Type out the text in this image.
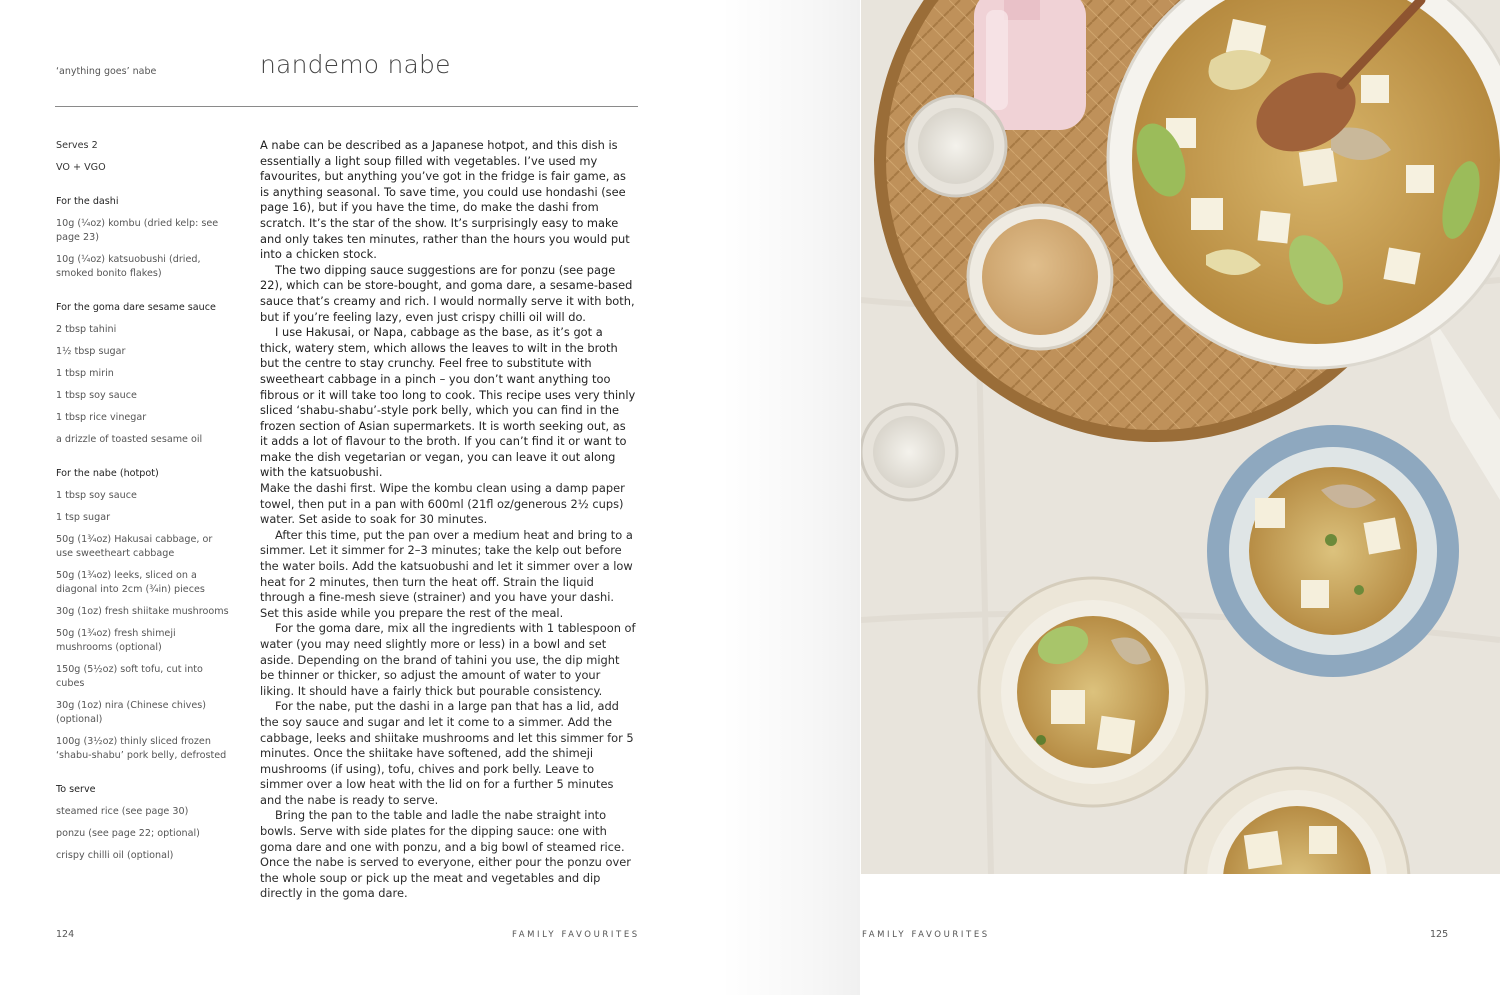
‘anything goes’ nabe	nandemo nabe
Serves 2
VO + VGO
For the dashi
10g (¼oz) kombu (dried kelp: see page 23)
10g (¼oz) katsuobushi (dried, smoked bonito flakes)
For the goma dare sesame sauce
2 tbsp tahini
1½ tbsp sugar
1 tbsp mirin
1 tbsp soy sauce
1 tbsp rice vinegar
a drizzle of toasted sesame oil
For the nabe (hotpot)
1 tbsp soy sauce
1 tsp sugar
50g (1¾oz) Hakusai cabbage, or use sweetheart cabbage
50g (1¾oz) leeks, sliced on a diagonal into 2cm (¾in) pieces
30g (1oz) fresh shiitake mushrooms
50g (1¾oz) fresh shimeji mushrooms (optional)
150g (5½oz) soft tofu, cut into cubes
30g (1oz) nira (Chinese chives) (optional)
100g (3½oz) thinly sliced frozen ‘shabu-shabu’ pork belly, defrosted
To serve
steamed rice (see page 30)
ponzu (see page 22; optional)
crispy chilli oil (optional)

A nabe can be described as a Japanese hotpot, and this dish is essentially a light soup filled with vegetables. I’ve used my favourites, but anything you’ve got in the fridge is fair game, as is anything seasonal. To save time, you could use hondashi (see page 16), but if you have the time, do make the dashi from scratch. It’s the star of the show. It’s surprisingly easy to make and only takes ten minutes, rather than the hours you would put into a chicken stock.

The two dipping sauce suggestions are for ponzu (see page 22), which can be store-bought, and goma dare, a sesame-based sauce that’s creamy and rich. I would normally serve it with both, but if you’re feeling lazy, even just crispy chilli oil will do.

I use Hakusai, or Napa, cabbage as the base, as it’s got a thick, watery stem, which allows the leaves to wilt in the broth but the centre to stay crunchy. Feel free to substitute with sweetheart cabbage in a pinch – you don’t want anything too fibrous or it will take too long to cook. This recipe uses very thinly sliced ‘shabu-shabu’-style pork belly, which you can find in the frozen section of Asian supermarkets. It is worth seeking out, as it adds a lot of flavour to the broth. If you can’t find it or want to make the dish vegetarian or vegan, you can leave it out along with the katsuobushi.

Make the dashi first. Wipe the kombu clean using a damp paper towel, then put in a pan with 600ml (21fl oz/generous 2½ cups) water. Set aside to soak for 30 minutes.

After this time, put the pan over a medium heat and bring to a simmer. Let it simmer for 2–3 minutes; take the kelp out before the water boils. Add the katsuobushi and let it simmer over a low heat for 2 minutes, then turn the heat off. Strain the liquid through a fine-mesh sieve (strainer) and you have your dashi. Set this aside while you prepare the rest of the meal.

For the goma dare, mix all the ingredients with 1 tablespoon of water (you may need slightly more or less) in a bowl and set aside. Depending on the brand of tahini you use, the dip might be thinner or thicker, so adjust the amount of water to your liking. It should have a fairly thick but pourable consistency.

For the nabe, put the dashi in a large pan that has a lid, add the soy sauce and sugar and let it come to a simmer. Add the cabbage, leeks and shiitake mushrooms and let this simmer for 5 minutes. Once the shiitake have softened, add the shimeji mushrooms (if using), tofu, chives and pork belly. Leave to simmer over a low heat with the lid on for a further 5 minutes and the nabe is ready to serve.

Bring the pan to the table and ladle the nabe straight into bowls. Serve with side plates for the dipping sauce: one with goma dare and one with ponzu, and a big bowl of steamed rice. Once the nabe is served to everyone, either pour the ponzu over the whole soup or pick up the meat and vegetables and dip directly in the goma dare.

124	FAMILY FAVOURITES	FAMILY FAVOURITES	125
